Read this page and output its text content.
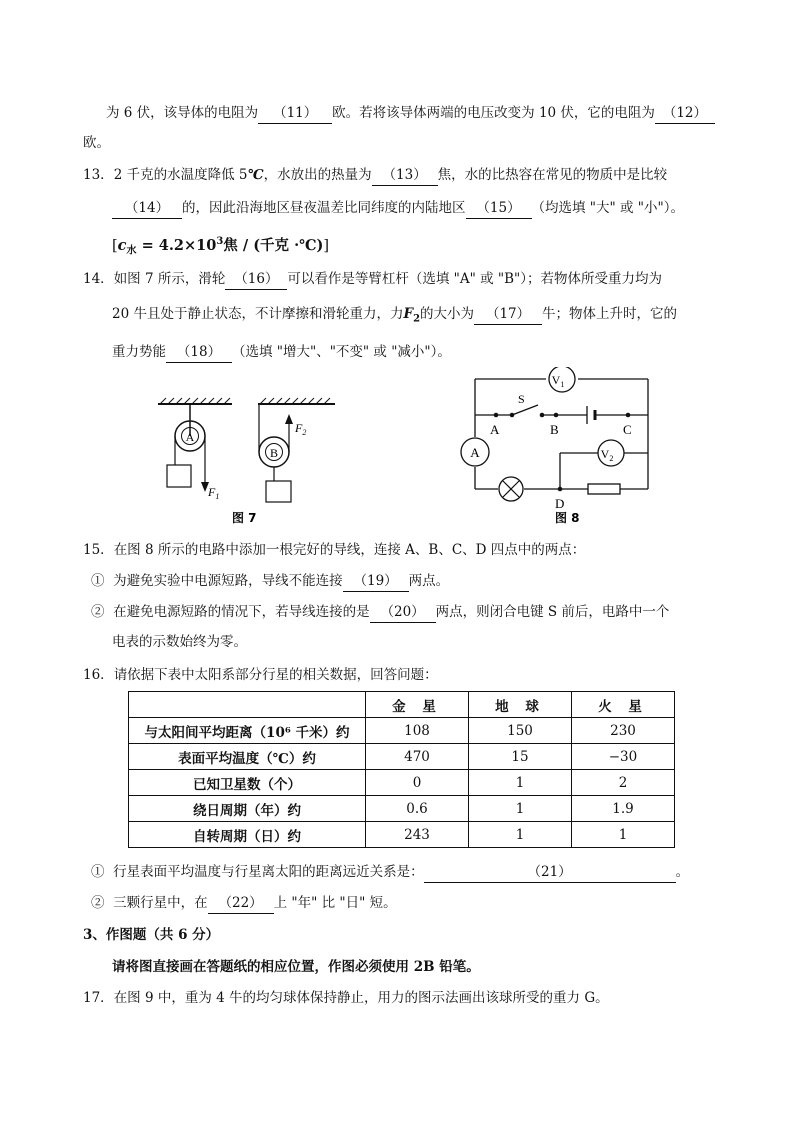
为 6 伏，该导体的电阻为 （11） 欧。若将该导体两端的电压改变为 10 伏，它的电阻为 （12）
欧。
13．2 千克的水温度降低 5℃，水放出的热量为 （13） 焦，水的比热容在常见的物质中是比较
（14） 的，因此沿海地区昼夜温差比同纬度的内陆地区 （15） （均选填 "大" 或 "小"）。
[$c_水 = 4.2\times 10^3$焦 / (千克 ·℃)]
14．如图 7 所示，滑轮 （16） 可以看作是等臂杠杆（选填 "A" 或 "B"）；若物体所受重力均为
20 牛且处于静止状态，不计摩擦和滑轮重力，力$F_2$的大小为 （17） 牛；物体上升时，它的
重力势能 （18） （选填 "增大"、"不变" 或 "减小"）。
A
$F_1$
B
$F_2$
图 7
$V_1$
S
A	B	C
D
A	$V_2$
图 8
15．在图 8 所示的电路中添加一根完好的导线，连接 A、B、C、D 四点中的两点：
① 为避免实验中电源短路，导线不能连接 （19） 两点。
② 在避免电源短路的情况下，若导线连接的是 （20） 两点，则闭合电键 S 前后，电路中一个
电表的示数始终为零。
16．请依据下表中太阳系部分行星的相关数据，回答问题：
	金 星	地 球	火 星
与太阳间平均距离（10⁶ 千米）约	108	150	230
表面平均温度（℃）约	470	15	−30
已知卫星数（个）	0	1	2
绕日周期（年）约	0.6	1	1.9
自转周期（日）约	243	1	1
① 行星表面平均温度与行星离太阳的距离远近关系是：	（21）	。
② 三颗行星中，在 （22） 上 "年" 比 "日" 短。
3、作图题（共 6 分）
请将图直接画在答题纸的相应位置，作图必须使用 2B 铅笔。
17．在图 9 中，重为 4 牛的均匀球体保持静止，用力的图示法画出该球所受的重力 G。
